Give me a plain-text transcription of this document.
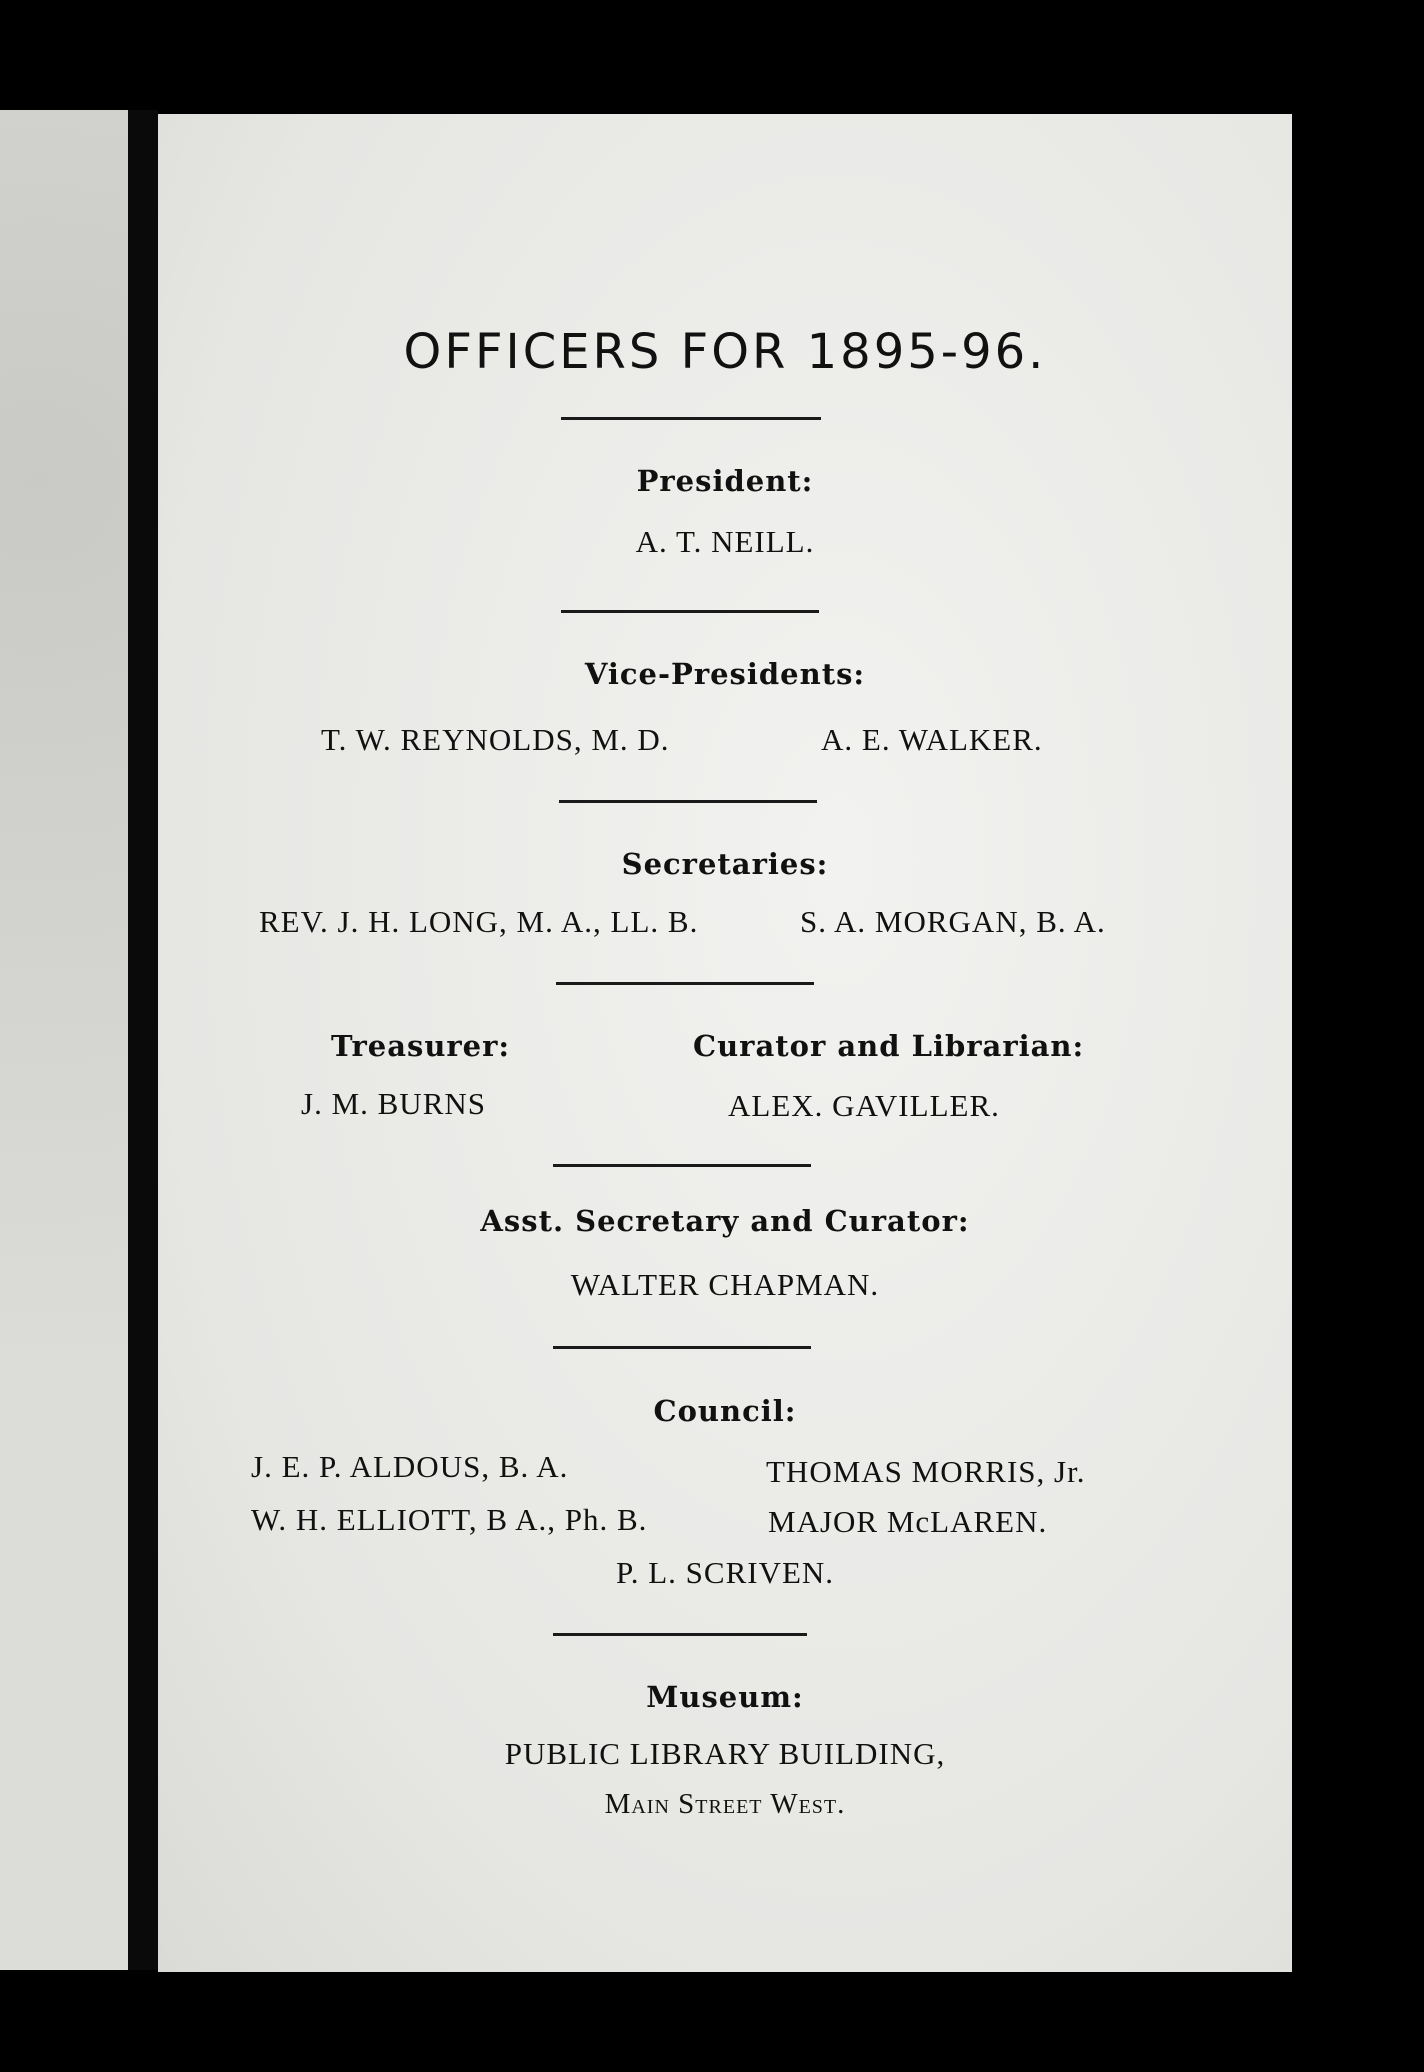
OFFICERS FOR 1895-96.
President:
A. T. NEILL.
Vice-Presidents:
T. W. REYNOLDS, M. D.	A. E. WALKER.
Secretaries:
REV. J. H. LONG, M. A., LL. B.	S. A. MORGAN, B. A.
Treasurer:	Curator and Librarian:
J. M. BURNS	ALEX. GAVILLER.
Asst. Secretary and Curator:
WALTER CHAPMAN.
Council:
J. E. P. ALDOUS, B. A.	THOMAS MORRIS, Jr.
W. H. ELLIOTT, B A., Ph. B.	MAJOR McLAREN.
P. L. SCRIVEN.
Museum:
PUBLIC LIBRARY BUILDING,
Main Street West.
